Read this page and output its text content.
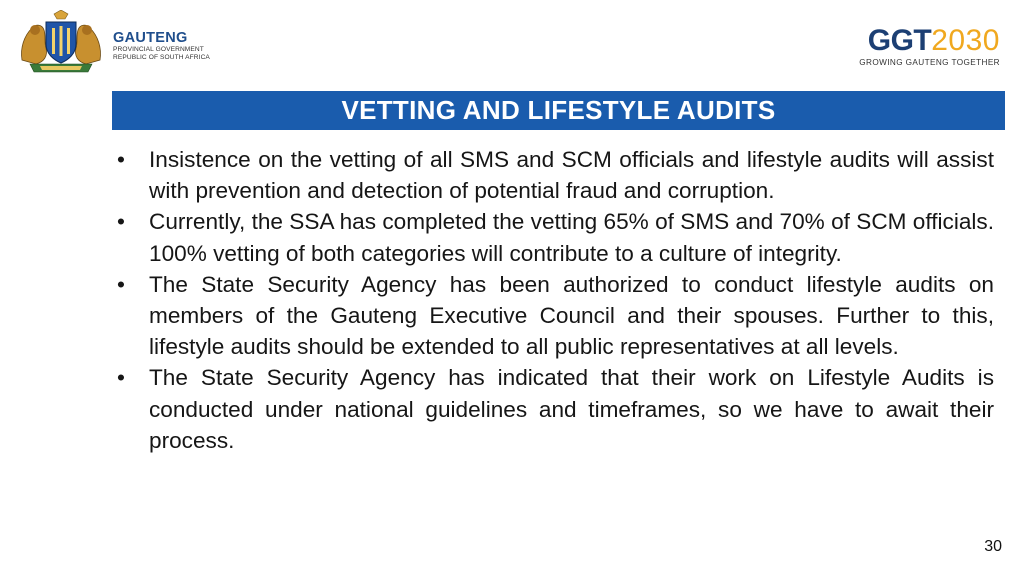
GAUTENG
PROVINCIAL GOVERNMENT
REPUBLIC OF SOUTH AFRICA
GGT2030
GROWING GAUTENG TOGETHER
VETTING AND LIFESTYLE AUDITS
• Insistence on the vetting of all SMS and SCM officials and lifestyle audits will assist with prevention and detection of potential fraud and corruption.
• Currently, the SSA has completed the vetting 65% of SMS and 70% of SCM officials. 100% vetting of both categories will contribute to a culture of integrity.
• The State Security Agency has been authorized to conduct lifestyle audits on members of the Gauteng Executive Council and their spouses. Further to this, lifestyle audits should be extended to all public representatives at all levels.
• The State Security Agency has indicated that their work on Lifestyle Audits is conducted under national guidelines and timeframes, so we have to await their process.
30
